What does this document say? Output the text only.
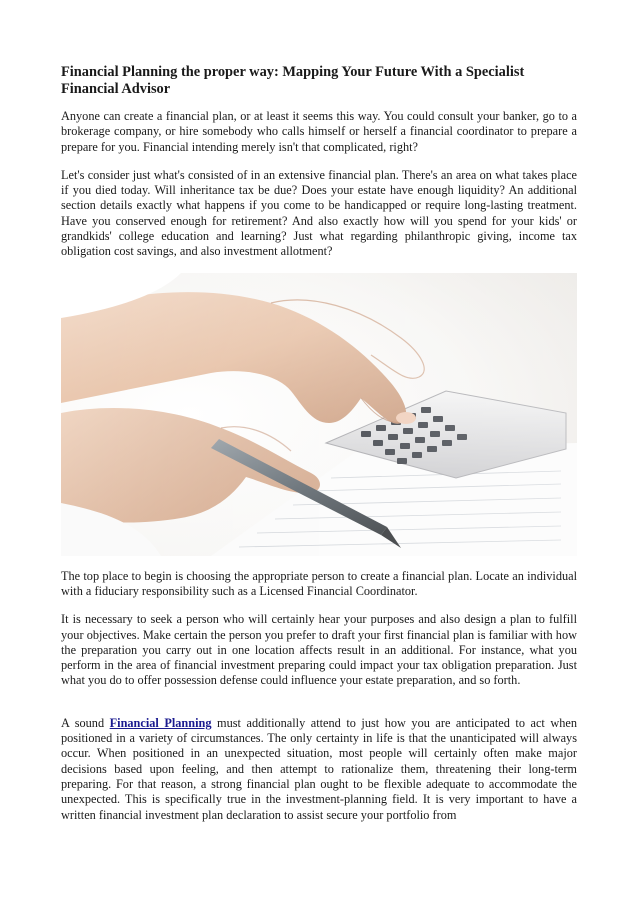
Financial Planning the proper way: Mapping Your Future With a Specialist Financial Advisor

Anyone can create a financial plan, or at least it seems this way. You could consult your banker, go to a brokerage company, or hire somebody who calls himself or herself a financial coordinator to prepare a prepare for you. Financial intending merely isn't that complicated, right?

Let's consider just what's consisted of in an extensive financial plan. There's an area on what takes place if you died today. Will inheritance tax be due? Does your estate have enough liquidity? An additional section details exactly what happens if you come to be handicapped or require long-lasting treatment. Have you conserved enough for retirement? And also exactly how will you spend for your kids' or grandkids' college education and learning? Just what regarding philanthropic giving, income tax obligation cost savings, and also investment allotment?

The top place to begin is choosing the appropriate person to create a financial plan. Locate an individual with a fiduciary responsibility such as a Licensed Financial Coordinator.

It is necessary to seek a person who will certainly hear your purposes and also design a plan to fulfill your objectives. Make certain the person you prefer to draft your first financial plan is familiar with how the preparation you carry out in one location affects result in an additional. For instance, what you perform in the area of financial investment preparing could impact your tax obligation preparation. Just what you do to offer possession defense could influence your estate preparation, and so forth.

A sound Financial Planning must additionally attend to just how you are anticipated to act when positioned in a variety of circumstances. The only certainty in life is that the unanticipated will always occur. When positioned in an unexpected situation, most people will certainly often make major decisions based upon feeling, and then attempt to rationalize them, threatening their long-term preparing. For that reason, a strong financial plan ought to be flexible adequate to accommodate the unexpected. This is specifically true in the investment-planning field. It is very important to have a written financial investment plan declaration to assist secure your portfolio from
